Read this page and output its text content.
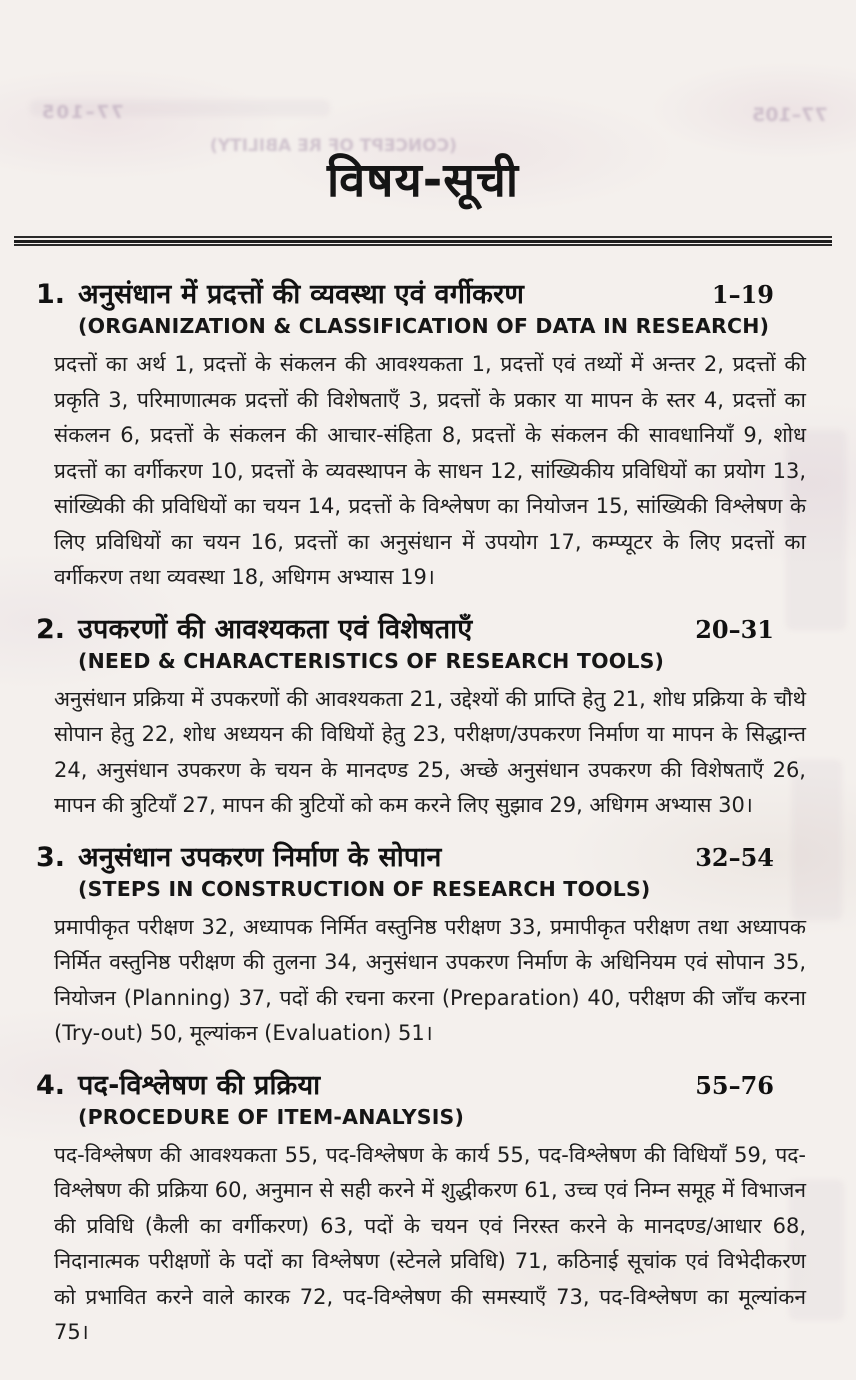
77–105
77–105
(CONCEPT OF RE ABILITY)
विषय-सूची
1. अनुसंधान में प्रदत्तों की व्यवस्था एवं वर्गीकरण	1–19
(ORGANIZATION & CLASSIFICATION OF DATA IN RESEARCH)
प्रदत्तों का अर्थ 1, प्रदत्तों के संकलन की आवश्यकता 1, प्रदत्तों एवं तथ्यों में अन्तर 2, प्रदत्तों की प्रकृति 3, परिमाणात्मक प्रदत्तों की विशेषताएँ 3, प्रदत्तों के प्रकार या मापन के स्तर 4, प्रदत्तों का संकलन 6, प्रदत्तों के संकलन की आचार-संहिता 8, प्रदत्तों के संकलन की सावधानियाँ 9, शोध प्रदत्तों का वर्गीकरण 10, प्रदत्तों के व्यवस्थापन के साधन 12, सांख्यिकीय प्रविधियों का प्रयोग 13, सांख्यिकी की प्रविधियों का चयन 14, प्रदत्तों के विश्लेषण का नियोजन 15, सांख्यिकी विश्लेषण के लिए प्रविधियों का चयन 16, प्रदत्तों का अनुसंधान में उपयोग 17, कम्प्यूटर के लिए प्रदत्तों का वर्गीकरण तथा व्यवस्था 18, अधिगम अभ्यास 19।
2. उपकरणों की आवश्यकता एवं विशेषताएँ	20–31
(NEED & CHARACTERISTICS OF RESEARCH TOOLS)
अनुसंधान प्रक्रिया में उपकरणों की आवश्यकता 21, उद्देश्यों की प्राप्ति हेतु 21, शोध प्रक्रिया के चौथे सोपान हेतु 22, शोध अध्ययन की विधियों हेतु 23, परीक्षण/उपकरण निर्माण या मापन के सिद्धान्त 24, अनुसंधान उपकरण के चयन के मानदण्ड 25, अच्छे अनुसंधान उपकरण की विशेषताएँ 26, मापन की त्रुटियाँ 27, मापन की त्रुटियों को कम करने लिए सुझाव 29, अधिगम अभ्यास 30।
3. अनुसंधान उपकरण निर्माण के सोपान	32–54
(STEPS IN CONSTRUCTION OF RESEARCH TOOLS)
प्रमापीकृत परीक्षण 32, अध्यापक निर्मित वस्तुनिष्ठ परीक्षण 33, प्रमापीकृत परीक्षण तथा अध्यापक निर्मित वस्तुनिष्ठ परीक्षण की तुलना 34, अनुसंधान उपकरण निर्माण के अधिनियम एवं सोपान 35, नियोजन (Planning) 37, पदों की रचना करना (Preparation) 40, परीक्षण की जाँच करना (Try-out) 50, मूल्यांकन (Evaluation) 51।
4. पद-विश्लेषण की प्रक्रिया	55–76
(PROCEDURE OF ITEM-ANALYSIS)
पद-विश्लेषण की आवश्यकता 55, पद-विश्लेषण के कार्य 55, पद-विश्लेषण की विधियाँ 59, पद-विश्लेषण की प्रक्रिया 60, अनुमान से सही करने में शुद्धीकरण 61, उच्च एवं निम्न समूह में विभाजन की प्रविधि (कैली का वर्गीकरण) 63, पदों के चयन एवं निरस्त करने के मानदण्ड/आधार 68, निदानात्मक परीक्षणों के पदों का विश्लेषण (स्टेनले प्रविधि) 71, कठिनाई सूचांक एवं विभेदीकरण को प्रभावित करने वाले कारक 72, पद-विश्लेषण की समस्याएँ 73, पद-विश्लेषण का मूल्यांकन 75।
